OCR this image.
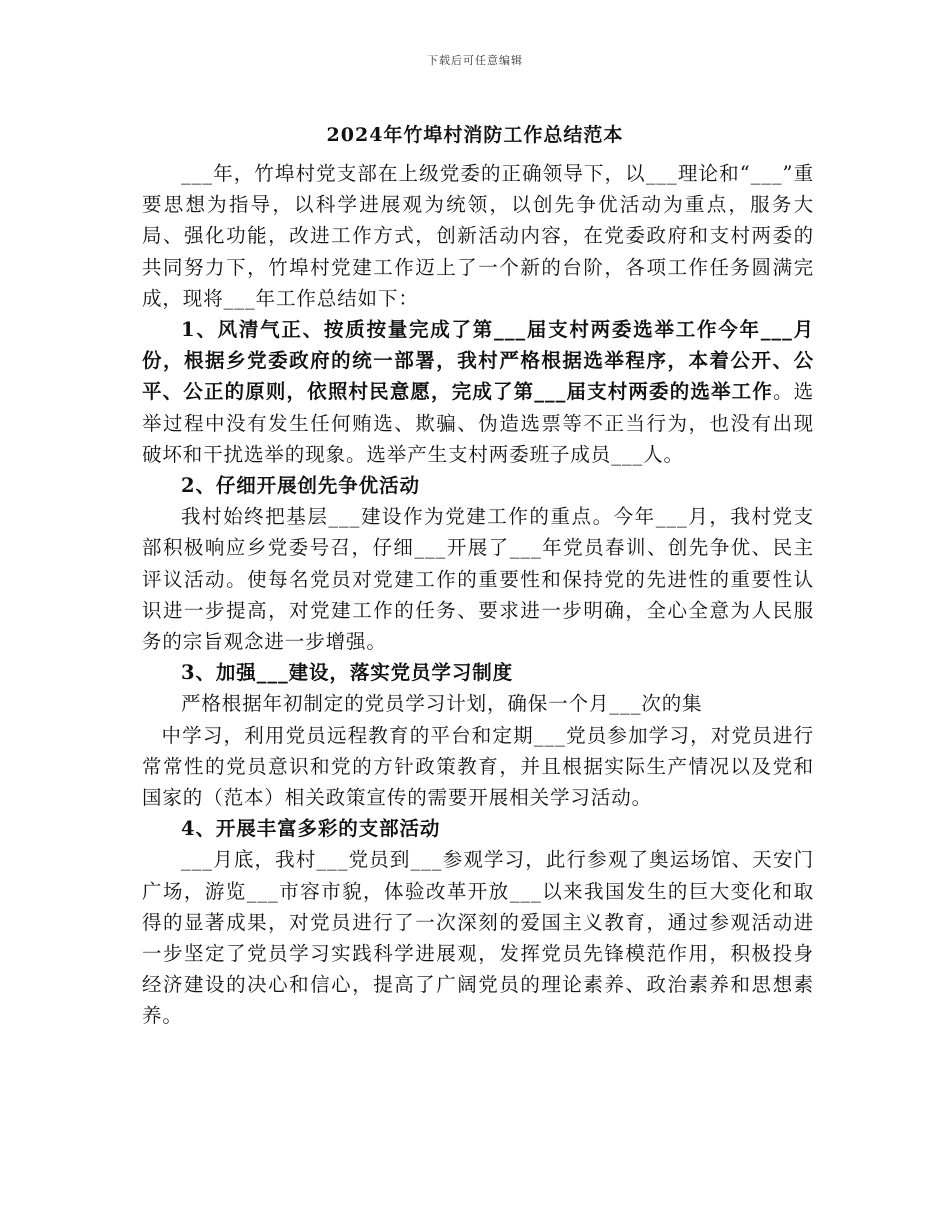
下载后可任意编辑
2024年竹埠村消防工作总结范本

___年，竹埠村党支部在上级党委的正确领导下，以___理论和“___”重要思想为指导，以科学进展观为统领，以创先争优活动为重点，服务大局、强化功能，改进工作方式，创新活动内容，在党委政府和支村两委的共同努力下，竹埠村党建工作迈上了一个新的台阶，各项工作任务圆满完成，现将___年工作总结如下：

1、风清气正、按质按量完成了第___届支村两委选举工作今年___月份，根据乡党委政府的统一部署，我村严格根据选举程序，本着公开、公平、公正的原则，依照村民意愿，完成了第___届支村两委的选举工作。选举过程中没有发生任何贿选、欺骗、伪造选票等不正当行为，也没有出现破坏和干扰选举的现象。选举产生支村两委班子成员___人。

2、仔细开展创先争优活动

我村始终把基层___建设作为党建工作的重点。今年___月，我村党支部积极响应乡党委号召，仔细___开展了___年党员春训、创先争优、民主评议活动。使每名党员对党建工作的重要性和保持党的先进性的重要性认识进一步提高，对党建工作的任务、要求进一步明确，全心全意为人民服务的宗旨观念进一步增强。

3、加强___建设，落实党员学习制度

严格根据年初制定的党员学习计划，确保一个月___次的集

中学习，利用党员远程教育的平台和定期___党员参加学习，对党员进行常常性的党员意识和党的方针政策教育，并且根据实际生产情况以及党和国家的（范本）相关政策宣传的需要开展相关学习活动。

4、开展丰富多彩的支部活动

___月底，我村___党员到___参观学习，此行参观了奥运场馆、天安门广场，游览___市容市貌，体验改革开放___以来我国发生的巨大变化和取得的显著成果，对党员进行了一次深刻的爱国主义教育，通过参观活动进一步坚定了党员学习实践科学进展观，发挥党员先锋模范作用，积极投身经济建设的决心和信心，提高了广阔党员的理论素养、政治素养和思想素养。
